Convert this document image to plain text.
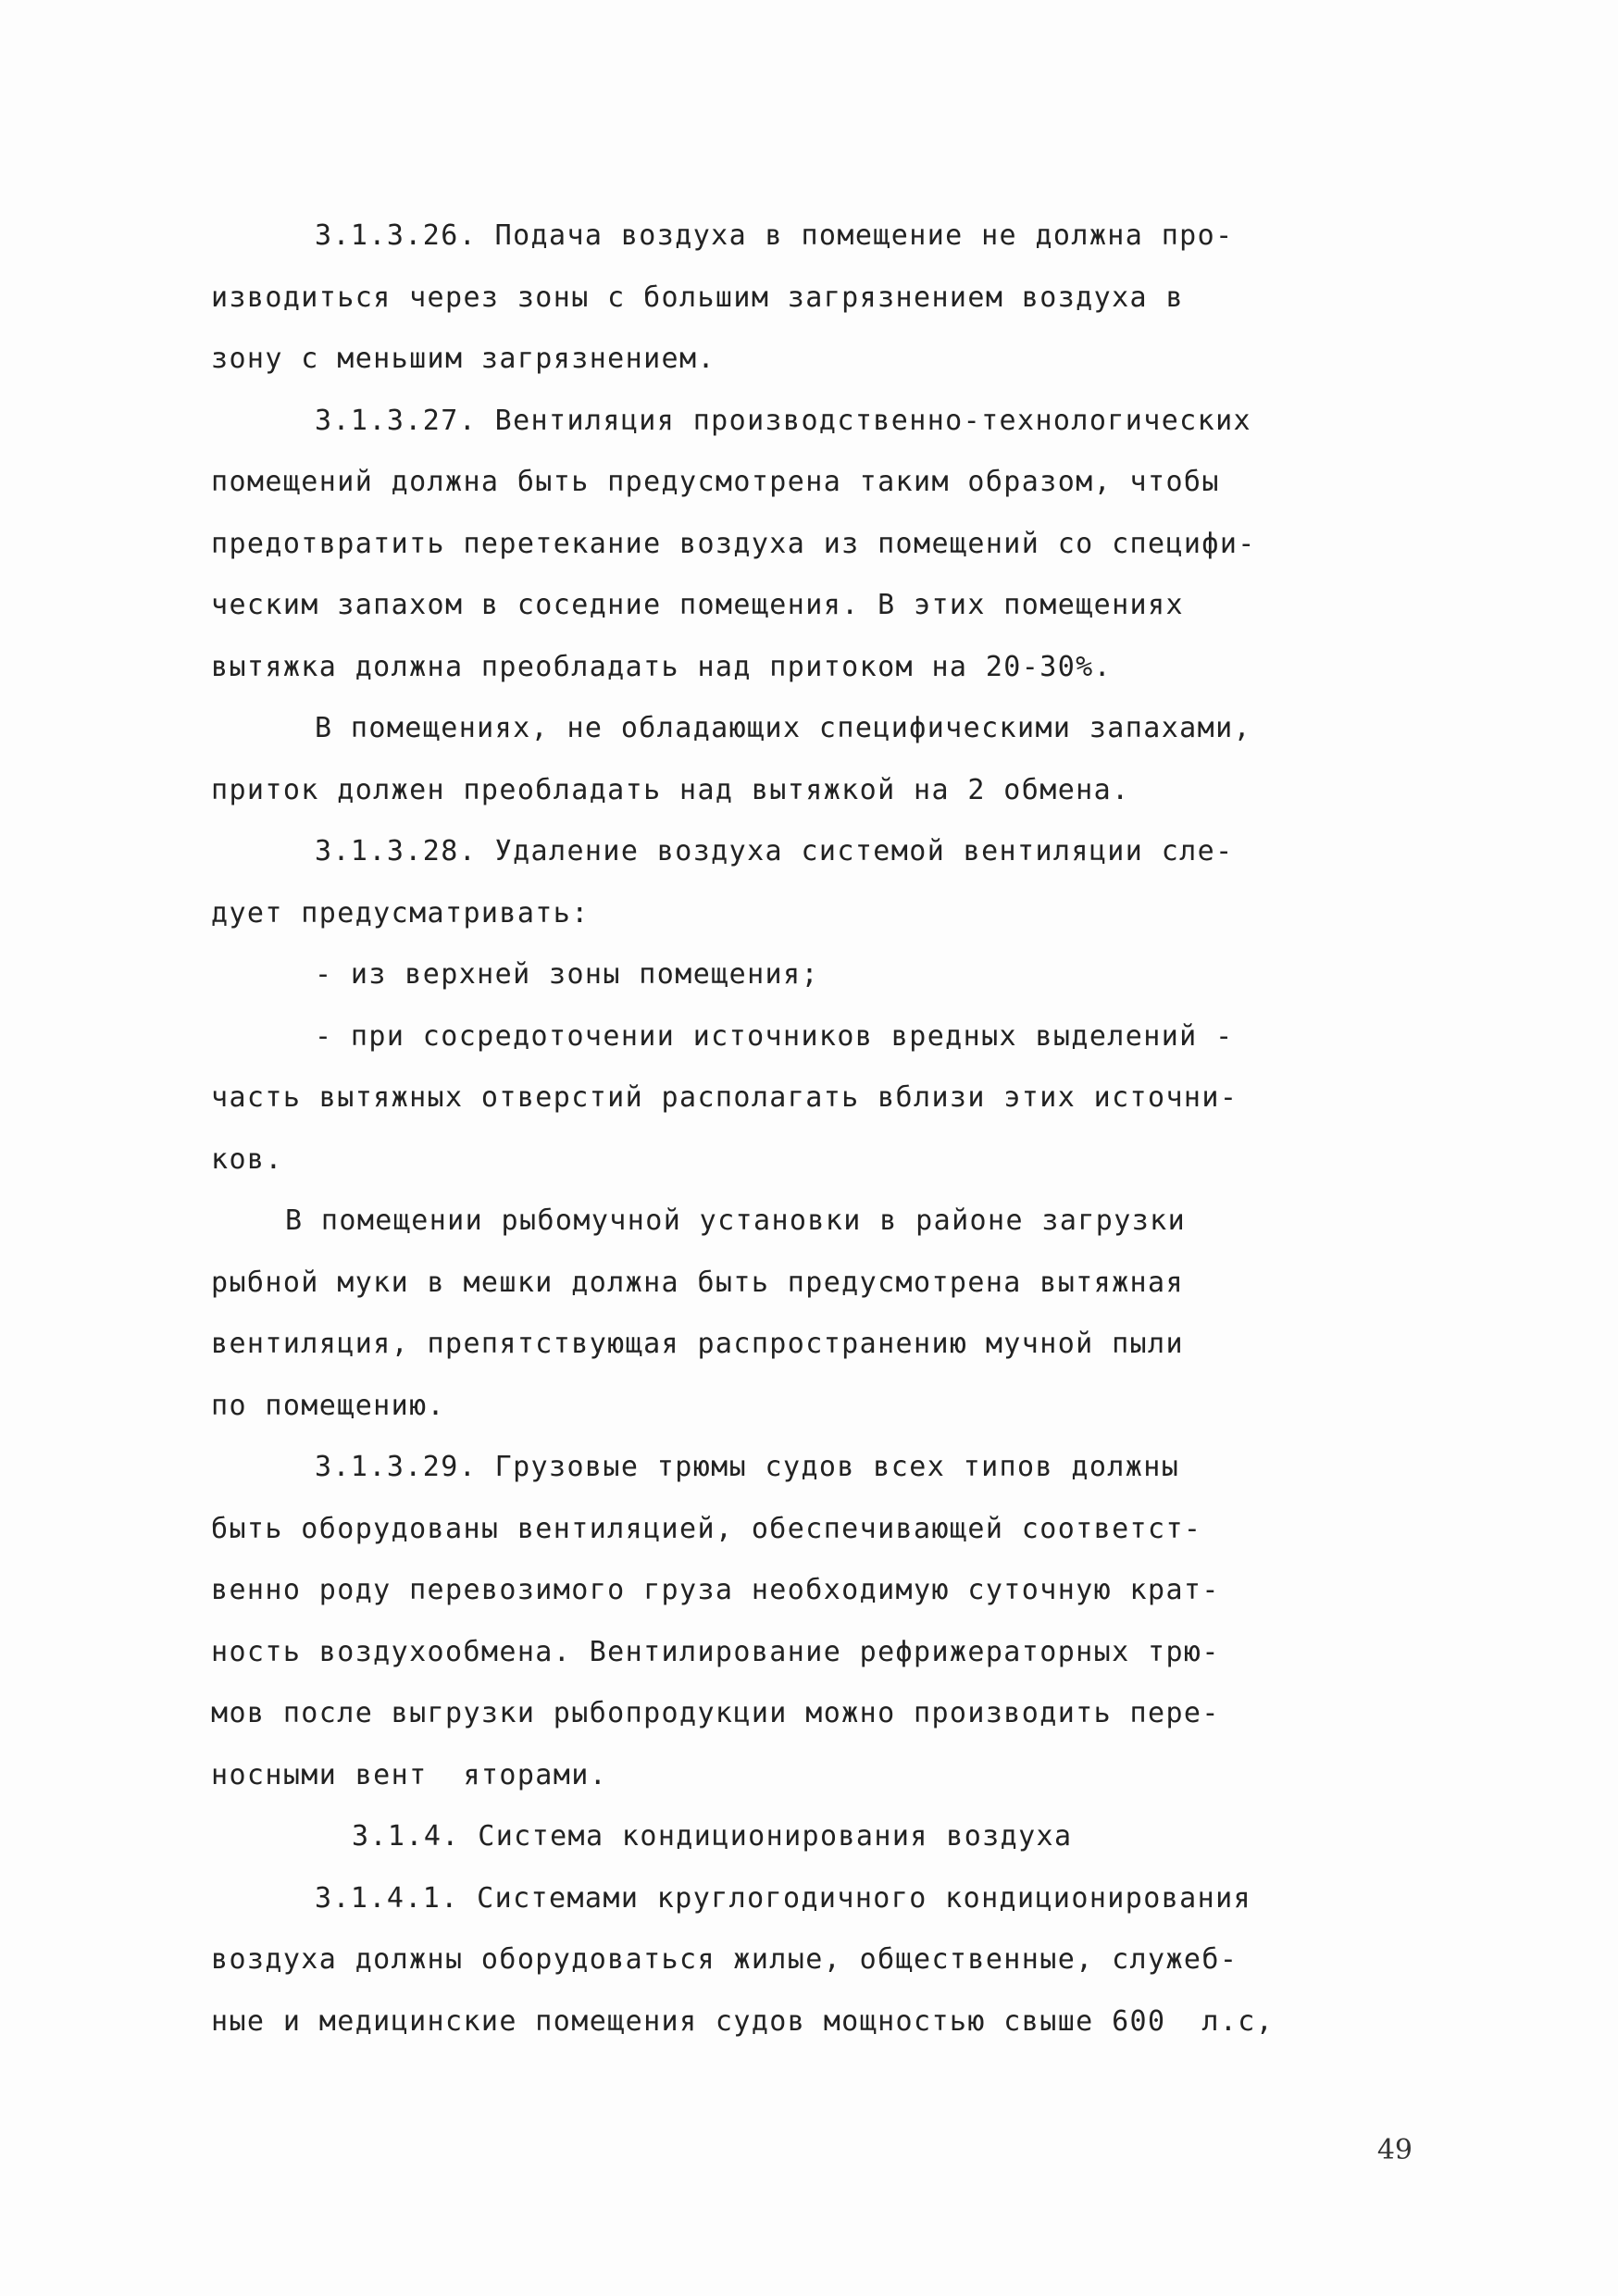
3.1.3.26. Подача воздуха в помещение не должна про-
изводиться через зоны с большим загрязнением воздуха в
зону с меньшим загрязнением.
3.1.3.27. Вентиляция производственно-технологических
помещений должна быть предусмотрена таким образом, чтобы
предотвратить перетекание воздуха из помещений со специфи-
ческим запахом в соседние помещения. В этих помещениях
вытяжка должна преобладать над притоком на 20-30%.
В помещениях, не обладающих специфическими запахами,
приток должен преобладать над вытяжкой на 2 обмена.
3.1.3.28. Удаление воздуха системой вентиляции сле-
дует предусматривать:
- из верхней зоны помещения;
- при сосредоточении источников вредных выделений -
часть вытяжных отверстий располагать вблизи этих источни-
ков.
В помещении рыбомучной установки в районе загрузки
рыбной муки в мешки должна быть предусмотрена вытяжная
вентиляция, препятствующая распространению мучной пыли
по помещению.
3.1.3.29. Грузовые трюмы судов всех типов должны
быть оборудованы вентиляцией, обеспечивающей соответст-
венно роду перевозимого груза необходимую суточную крат-
ность воздухообмена. Вентилирование рефрижераторных трю-
мов после выгрузки рыбопродукции можно производить пере-
носными вент  яторами.
3.1.4. Система кондиционирования воздуха
3.1.4.1. Системами круглогодичного кондиционирования
воздуха должны оборудоваться жилые, общественные, служеб-
ные и медицинские помещения судов мощностью свыше 600  л.с,
49
